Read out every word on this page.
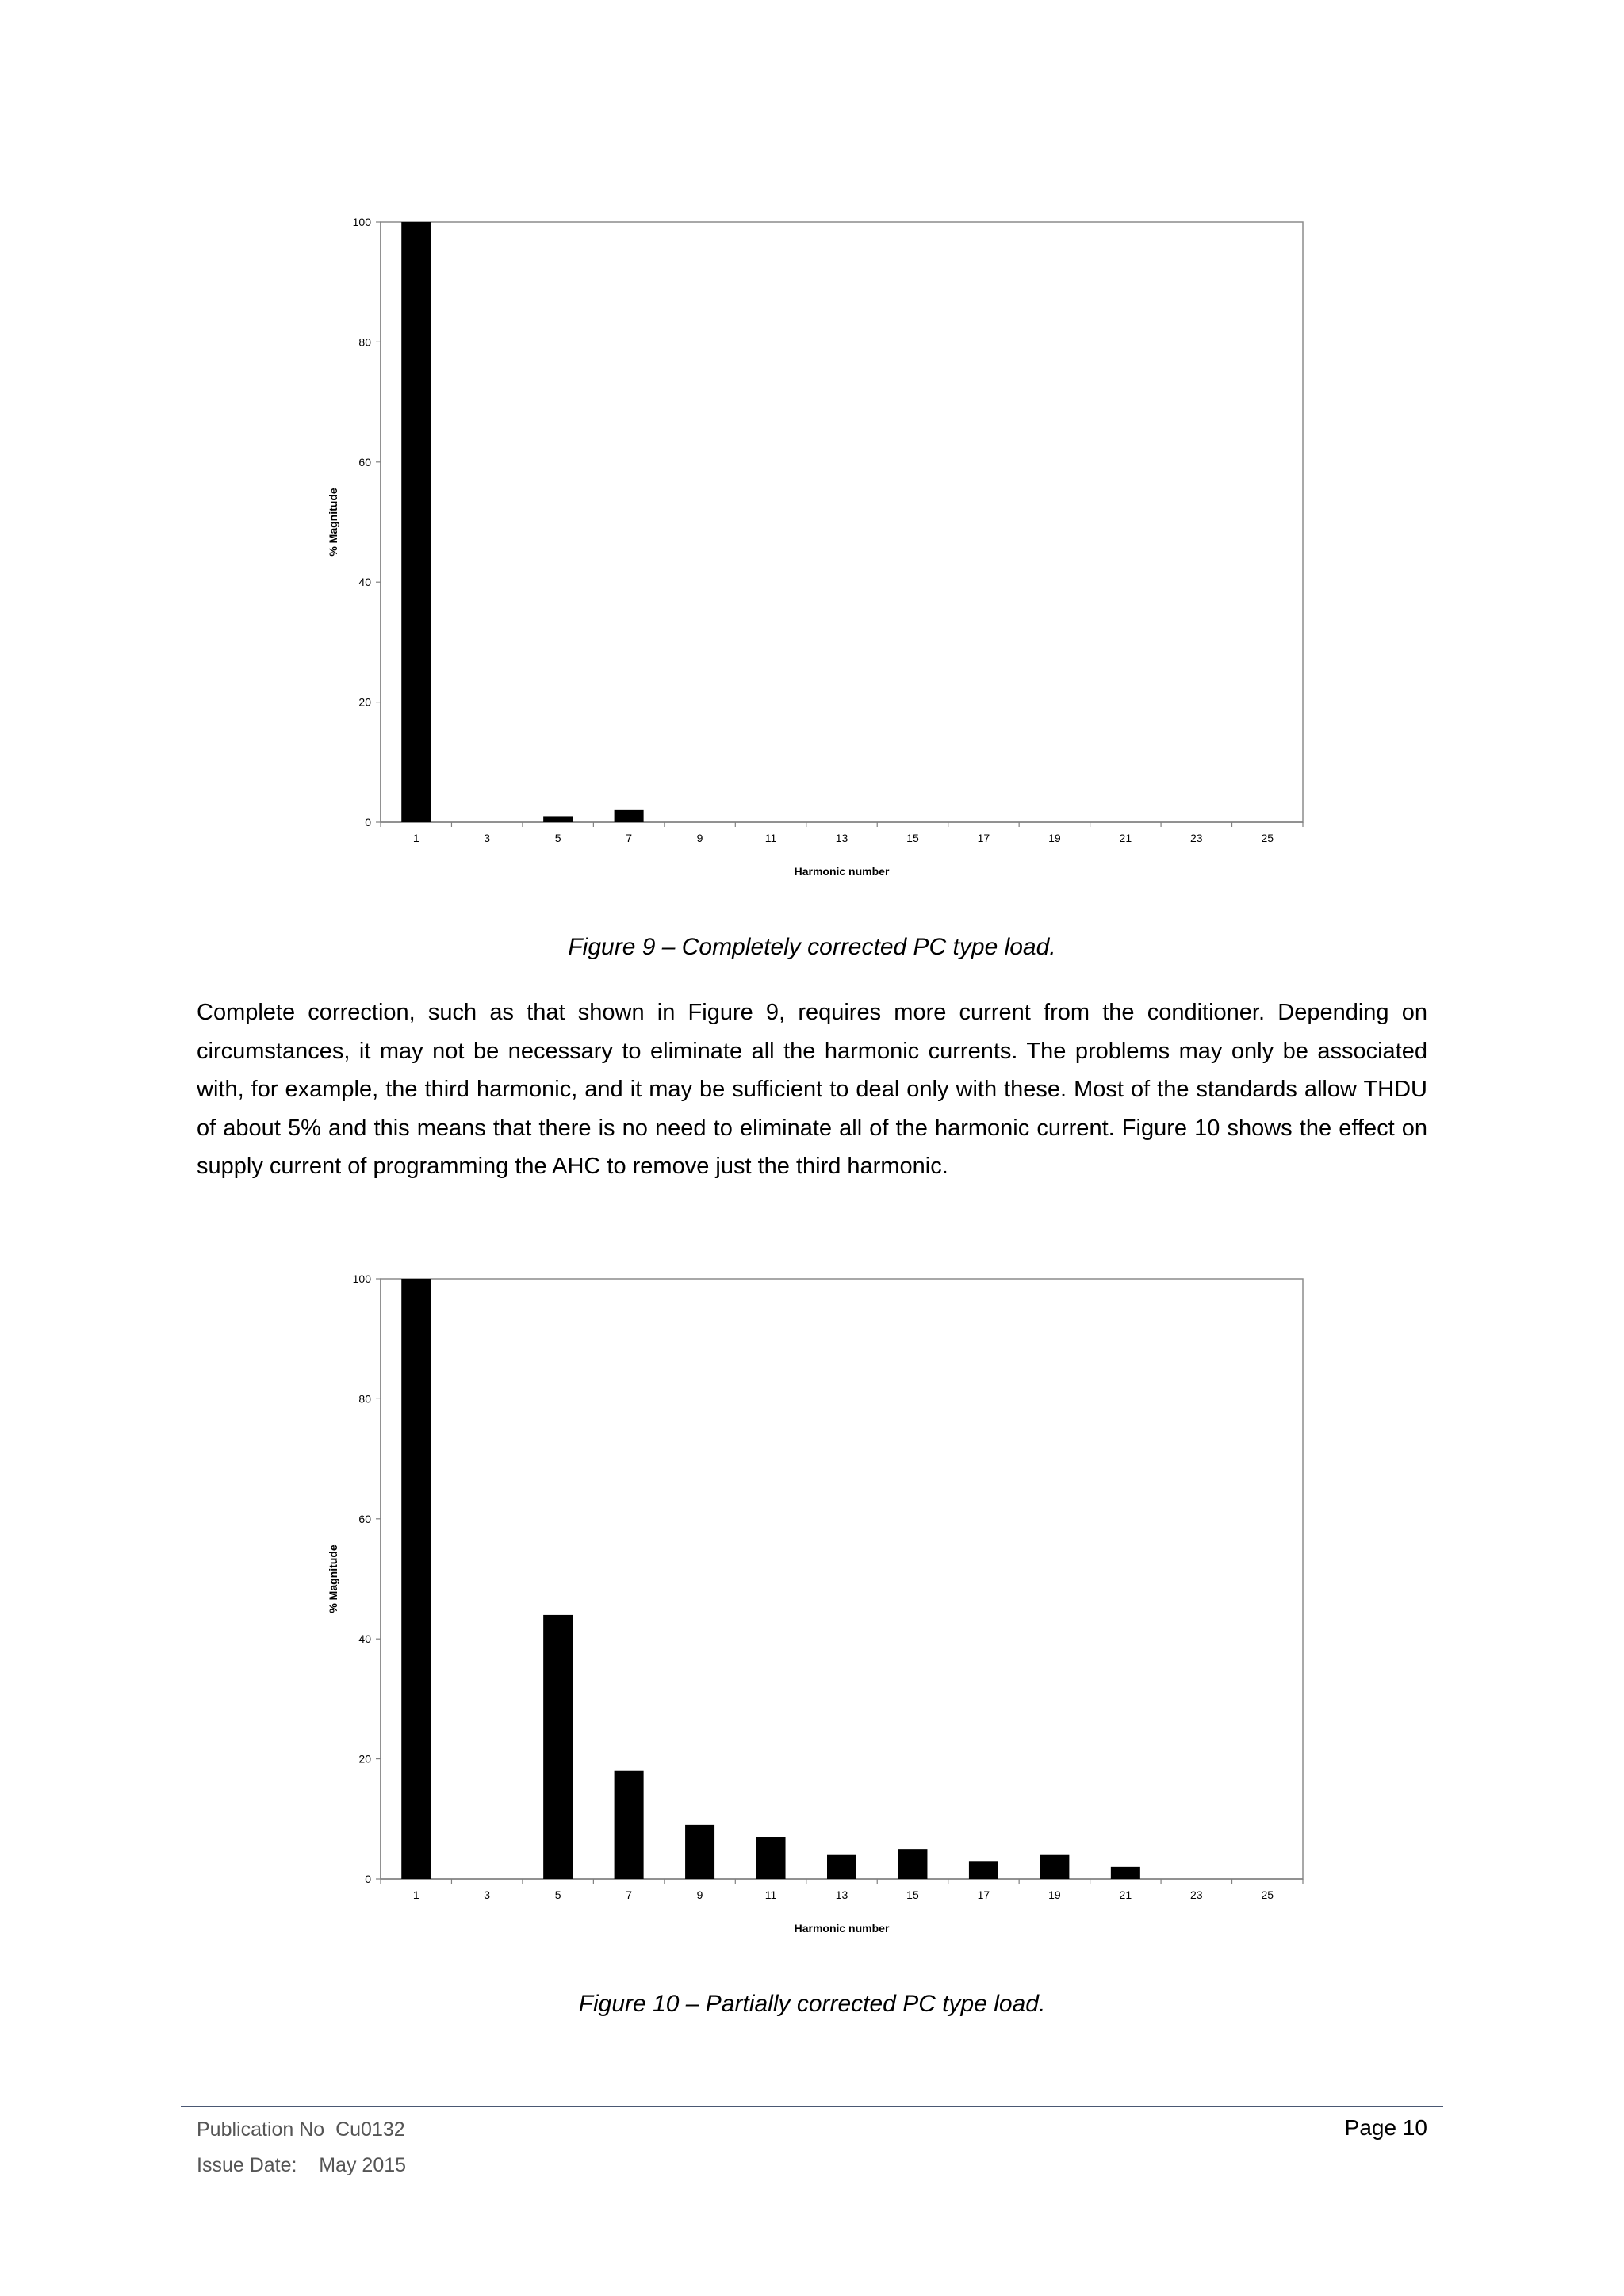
0
20
40
60
80
100
1	3	5	7	9	11	13	15	17	19	21	23	25
Harmonic number
% Magnitude

Figure 9 – Completely corrected PC type load.

Complete correction, such as that shown in Figure 9, requires more current from the conditioner. Depending on circumstances, it may not be necessary to eliminate all the harmonic currents. The problems may only be associated with, for example, the third harmonic, and it may be sufficient to deal only with these. Most of the standards allow THDU of about 5% and this means that there is no need to eliminate all of the harmonic current. Figure 10 shows the effect on supply current of programming the AHC to remove just the third harmonic.

0
20
40
60
80
100
1	3	5	7	9	11	13	15	17	19	21	23	25
Harmonic number
% Magnitude

Figure 10 – Partially corrected PC type load.

Publication No  Cu0132
Issue Date:    May 2015
Page 10
